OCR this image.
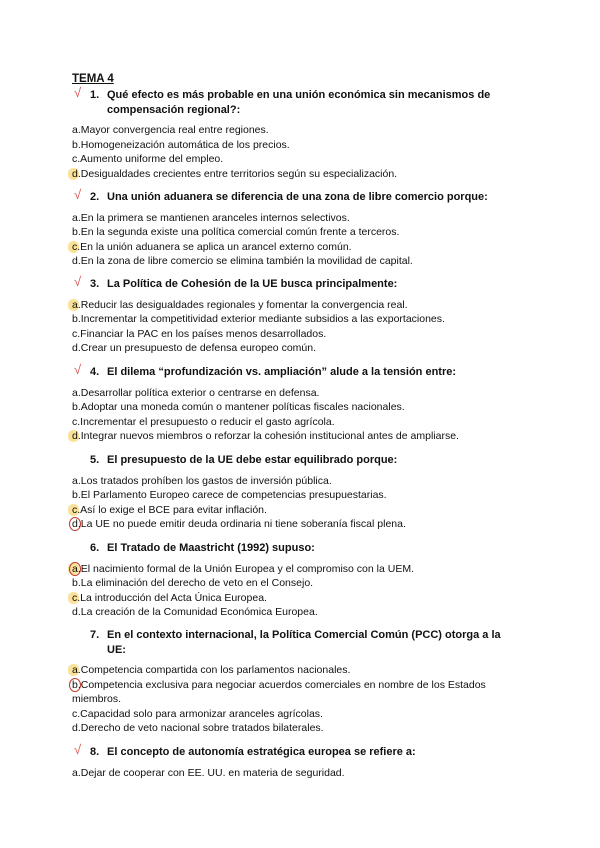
TEMA 4
√ 1. Qué efecto es más probable en una unión económica sin mecanismos de compensación regional?:
a.Mayor convergencia real entre regiones.
b.Homogeneización automática de los precios.
c.Aumento uniforme del empleo.
d.Desigualdades crecientes entre territorios según su especialización.
√ 2. Una unión aduanera se diferencia de una zona de libre comercio porque:
a.En la primera se mantienen aranceles internos selectivos.
b.En la segunda existe una política comercial común frente a terceros.
c.En la unión aduanera se aplica un arancel externo común.
d.En la zona de libre comercio se elimina también la movilidad de capital.
√ 3. La Política de Cohesión de la UE busca principalmente:
a.Reducir las desigualdades regionales y fomentar la convergencia real.
b.Incrementar la competitividad exterior mediante subsidios a las exportaciones.
c.Financiar la PAC en los países menos desarrollados.
d.Crear un presupuesto de defensa europeo común.
√ 4. El dilema “profundización vs. ampliación” alude a la tensión entre:
a.Desarrollar política exterior o centrarse en defensa.
b.Adoptar una moneda común o mantener políticas fiscales nacionales.
c.Incrementar el presupuesto o reducir el gasto agrícola.
d.Integrar nuevos miembros o reforzar la cohesión institucional antes de ampliarse.
5. El presupuesto de la UE debe estar equilibrado porque:
a.Los tratados prohíben los gastos de inversión pública.
b.El Parlamento Europeo carece de competencias presupuestarias.
c.Así lo exige el BCE para evitar inflación.
d.La UE no puede emitir deuda ordinaria ni tiene soberanía fiscal plena.
6. El Tratado de Maastricht (1992) supuso:
a.El nacimiento formal de la Unión Europea y el compromiso con la UEM.
b.La eliminación del derecho de veto en el Consejo.
c.La introducción del Acta Única Europea.
d.La creación de la Comunidad Económica Europea.
7. En el contexto internacional, la Política Comercial Común (PCC) otorga a la UE:
a.Competencia compartida con los parlamentos nacionales.
b.Competencia exclusiva para negociar acuerdos comerciales en nombre de los Estados miembros.
c.Capacidad solo para armonizar aranceles agrícolas.
d.Derecho de veto nacional sobre tratados bilaterales.
√ 8. El concepto de autonomía estratégica europea se refiere a:
a.Dejar de cooperar con EE. UU. en materia de seguridad.
